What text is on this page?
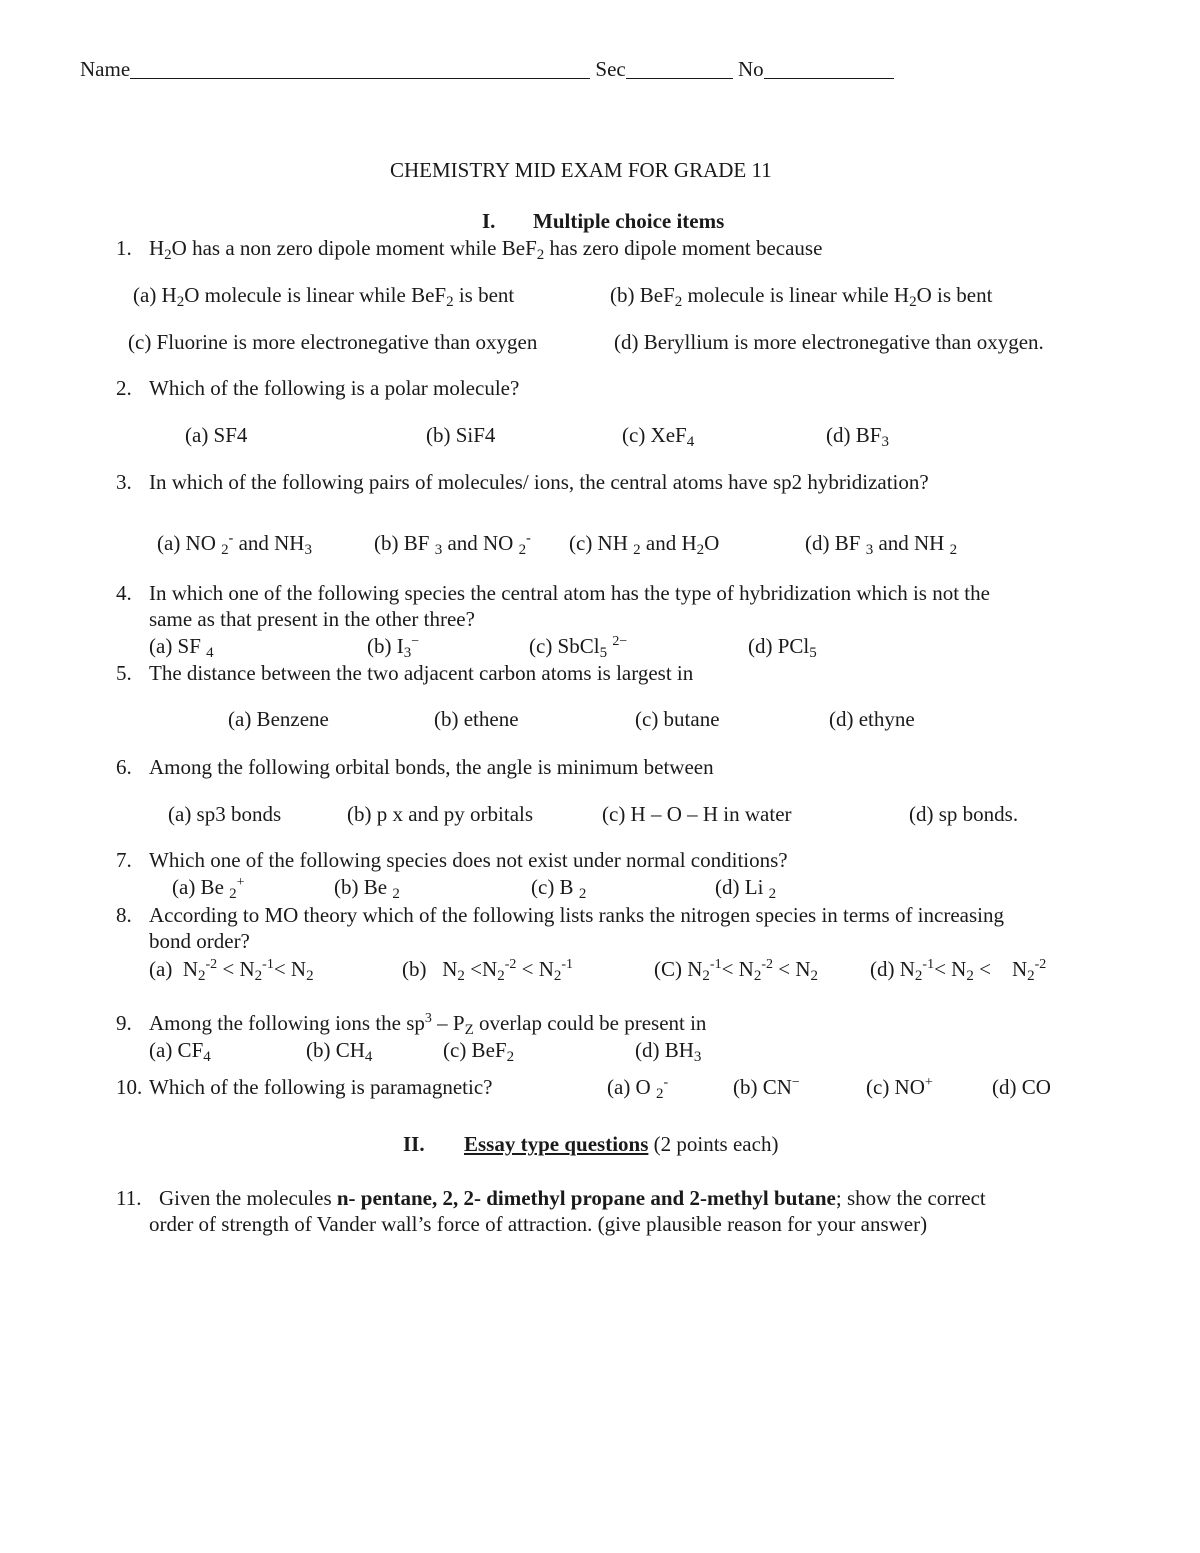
Name	Sec	No
CHEMISTRY MID EXAM FOR GRADE 11
I. Multiple choice items
1. $H_2O$ has a non zero dipole moment while BeF$_2$ has zero dipole moment because
(a) $H_2O$ molecule is linear while BeF$_2$ is bent	(b) BeF$_2$ molecule is linear while $H_2O$ is bent
(c) Fluorine is more electronegative than oxygen	(d) Beryllium is more electronegative than oxygen.
2. Which of the following is a polar molecule?
(a) SF4	(b) SiF4	(c) XeF$_4$	(d) $BF_3$
3. In which of the following pairs of molecules/ ions, the central atoms have sp2 hybridization?
(a) NO $_2$- and $NH_3$	(b) BF $_3$ and NO $_2$- (c) NH $_2$ and $H_2O$	(d) BF $_3$ and NH $_2$
4. In which one of the following species the central atom has the type of hybridization which is not the
same as that present in the other three?
(a) SF $_4$	(b) $I_3^-$	(c) SbCl$_5$ $^{2-}$	(d) PCl$_5$
5. The distance between the two adjacent carbon atoms is largest in
(a) Benzene	(b) ethene	(c) butane	(d) ethyne
6. Among the following orbital bonds, the angle is minimum between
(a) sp3 bonds	(b) p x and py orbitals	(c) H – O – H in water	(d) sp bonds.
7. Which one of the following species does not exist under normal conditions?
(a) Be $_2$+	(b) Be $_2$	(c) B $_2$	(d) Li $_2$
8. According to MO theory which of the following lists ranks the nitrogen species in terms of increasing
bond order?
(a)  $N_2^{-2} < N_2^{-1}< N_2$	(b)   $N_2 <N_2^{-2} < N_2^{-1}$	(C) $N_2^{-1}< N_2^{-2} < N_2$ (d) $N_2^{-1}< N_2$ <    $N_2^{-2}$
9. Among the following ions the $sp^3 - P_Z$ overlap could be present in
(a) $CF_4$	(b) $CH_4$	(c) BeF$_2$	(d) $BH_3$
10. Which of the following is paramagnetic?	(a) O $_2$-	(b) CN−	(c) NO+	(d) CO
II. Essay type questions (2 points each)
11. Given the molecules n- pentane, 2, 2- dimethyl propane and 2-methyl butane; show the correct
order of strength of Vander wall’s force of attraction. (give plausible reason for your answer)
